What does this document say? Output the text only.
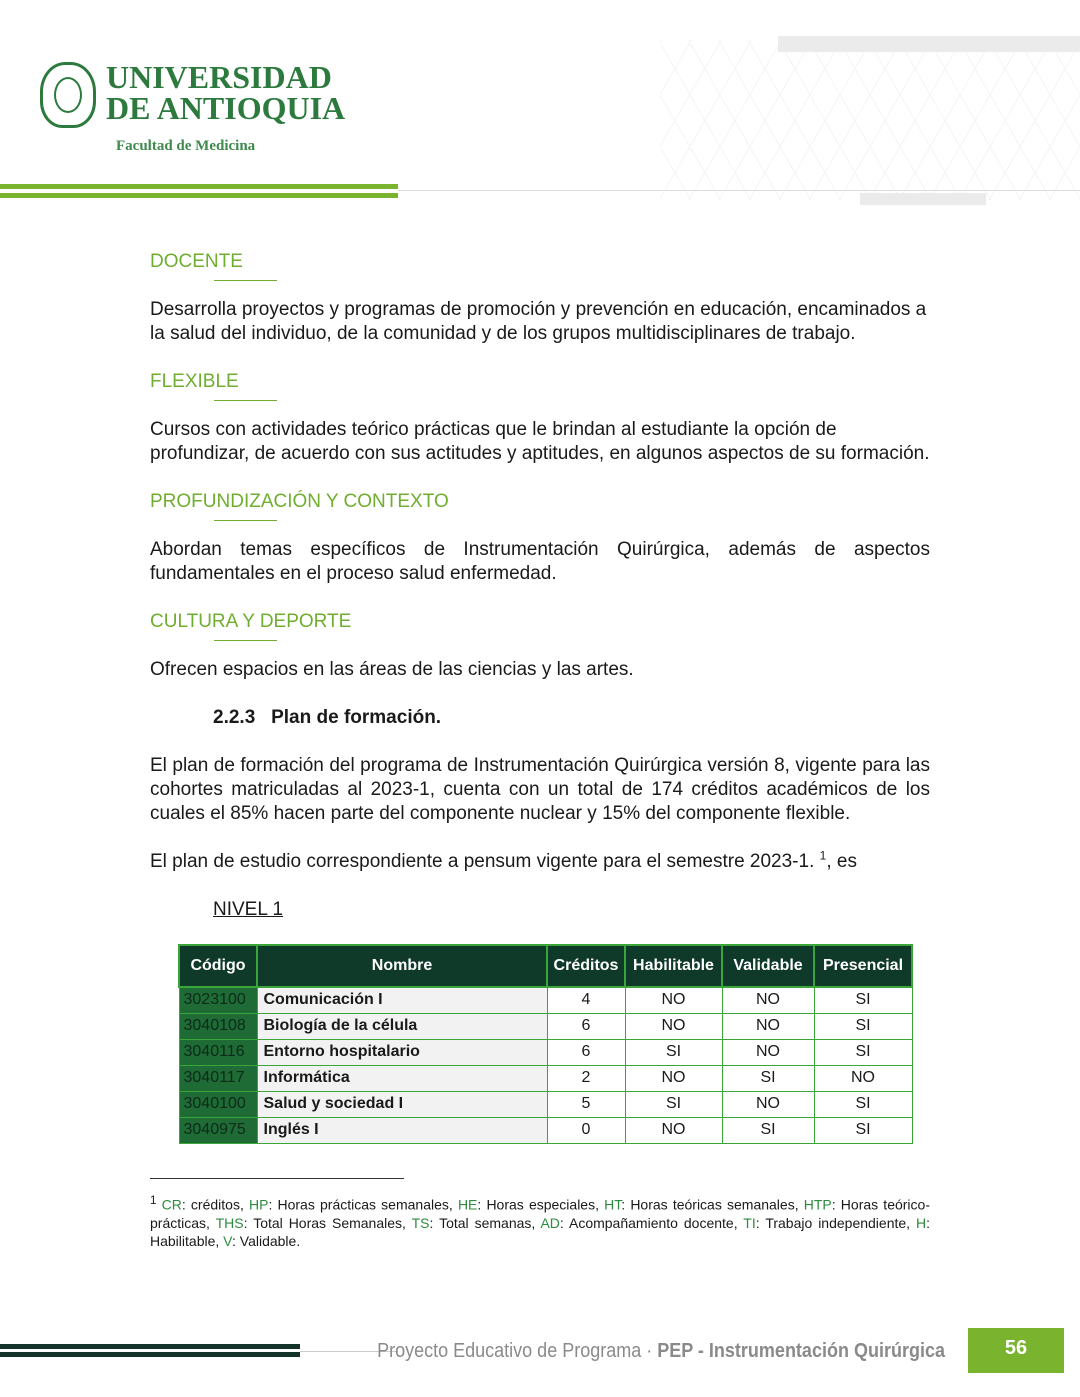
UNIVERSIDAD
DE ANTIOQUIA
Facultad de Medicina
DOCENTE
Desarrolla proyectos y programas de promoción y prevención en educación, encaminados a la salud del individuo, de la comunidad y de los grupos multidisciplinares de trabajo.
FLEXIBLE
Cursos con actividades teórico prácticas que le brindan al estudiante la opción de profundizar, de acuerdo con sus actitudes y aptitudes, en algunos aspectos de su formación.
PROFUNDIZACIÓN Y CONTEXTO
Abordan temas específicos de Instrumentación Quirúrgica, además de aspectos fundamentales en el proceso salud enfermedad.
CULTURA Y DEPORTE
Ofrecen espacios en las áreas de las ciencias y las artes.
2.2.3 Plan de formación.
El plan de formación del programa de Instrumentación Quirúrgica versión 8, vigente para las cohortes matriculadas al 2023-1, cuenta con un total de 174 créditos académicos de los cuales el 85% hacen parte del componente nuclear y 15% del componente flexible.
El plan de estudio correspondiente a pensum vigente para el semestre 2023-1. $^1$, es
NIVEL 1
Código	Nombre	Créditos	Habilitable	Validable	Presencial
3023100	Comunicación I	4	NO	NO	SI
3040108	Biología de la célula	6	NO	NO	SI
3040116	Entorno hospitalario	6	SI	NO	SI
3040117	Informática	2	NO	SI	NO
3040100	Salud y sociedad I	5	SI	NO	SI
3040975	Inglés I	0	NO	SI	SI
$^1$ CR: créditos, HP: Horas prácticas semanales, HE: Horas especiales, HT: Horas teóricas semanales, HTP: Horas teórico-prácticas, THS: Total Horas Semanales, TS: Total semanas, AD: Acompañamiento docente, TI: Trabajo independiente, H: Habilitable, V: Validable.
Proyecto Educativo de Programa · PEP - Instrumentación Quirúrgica	56
